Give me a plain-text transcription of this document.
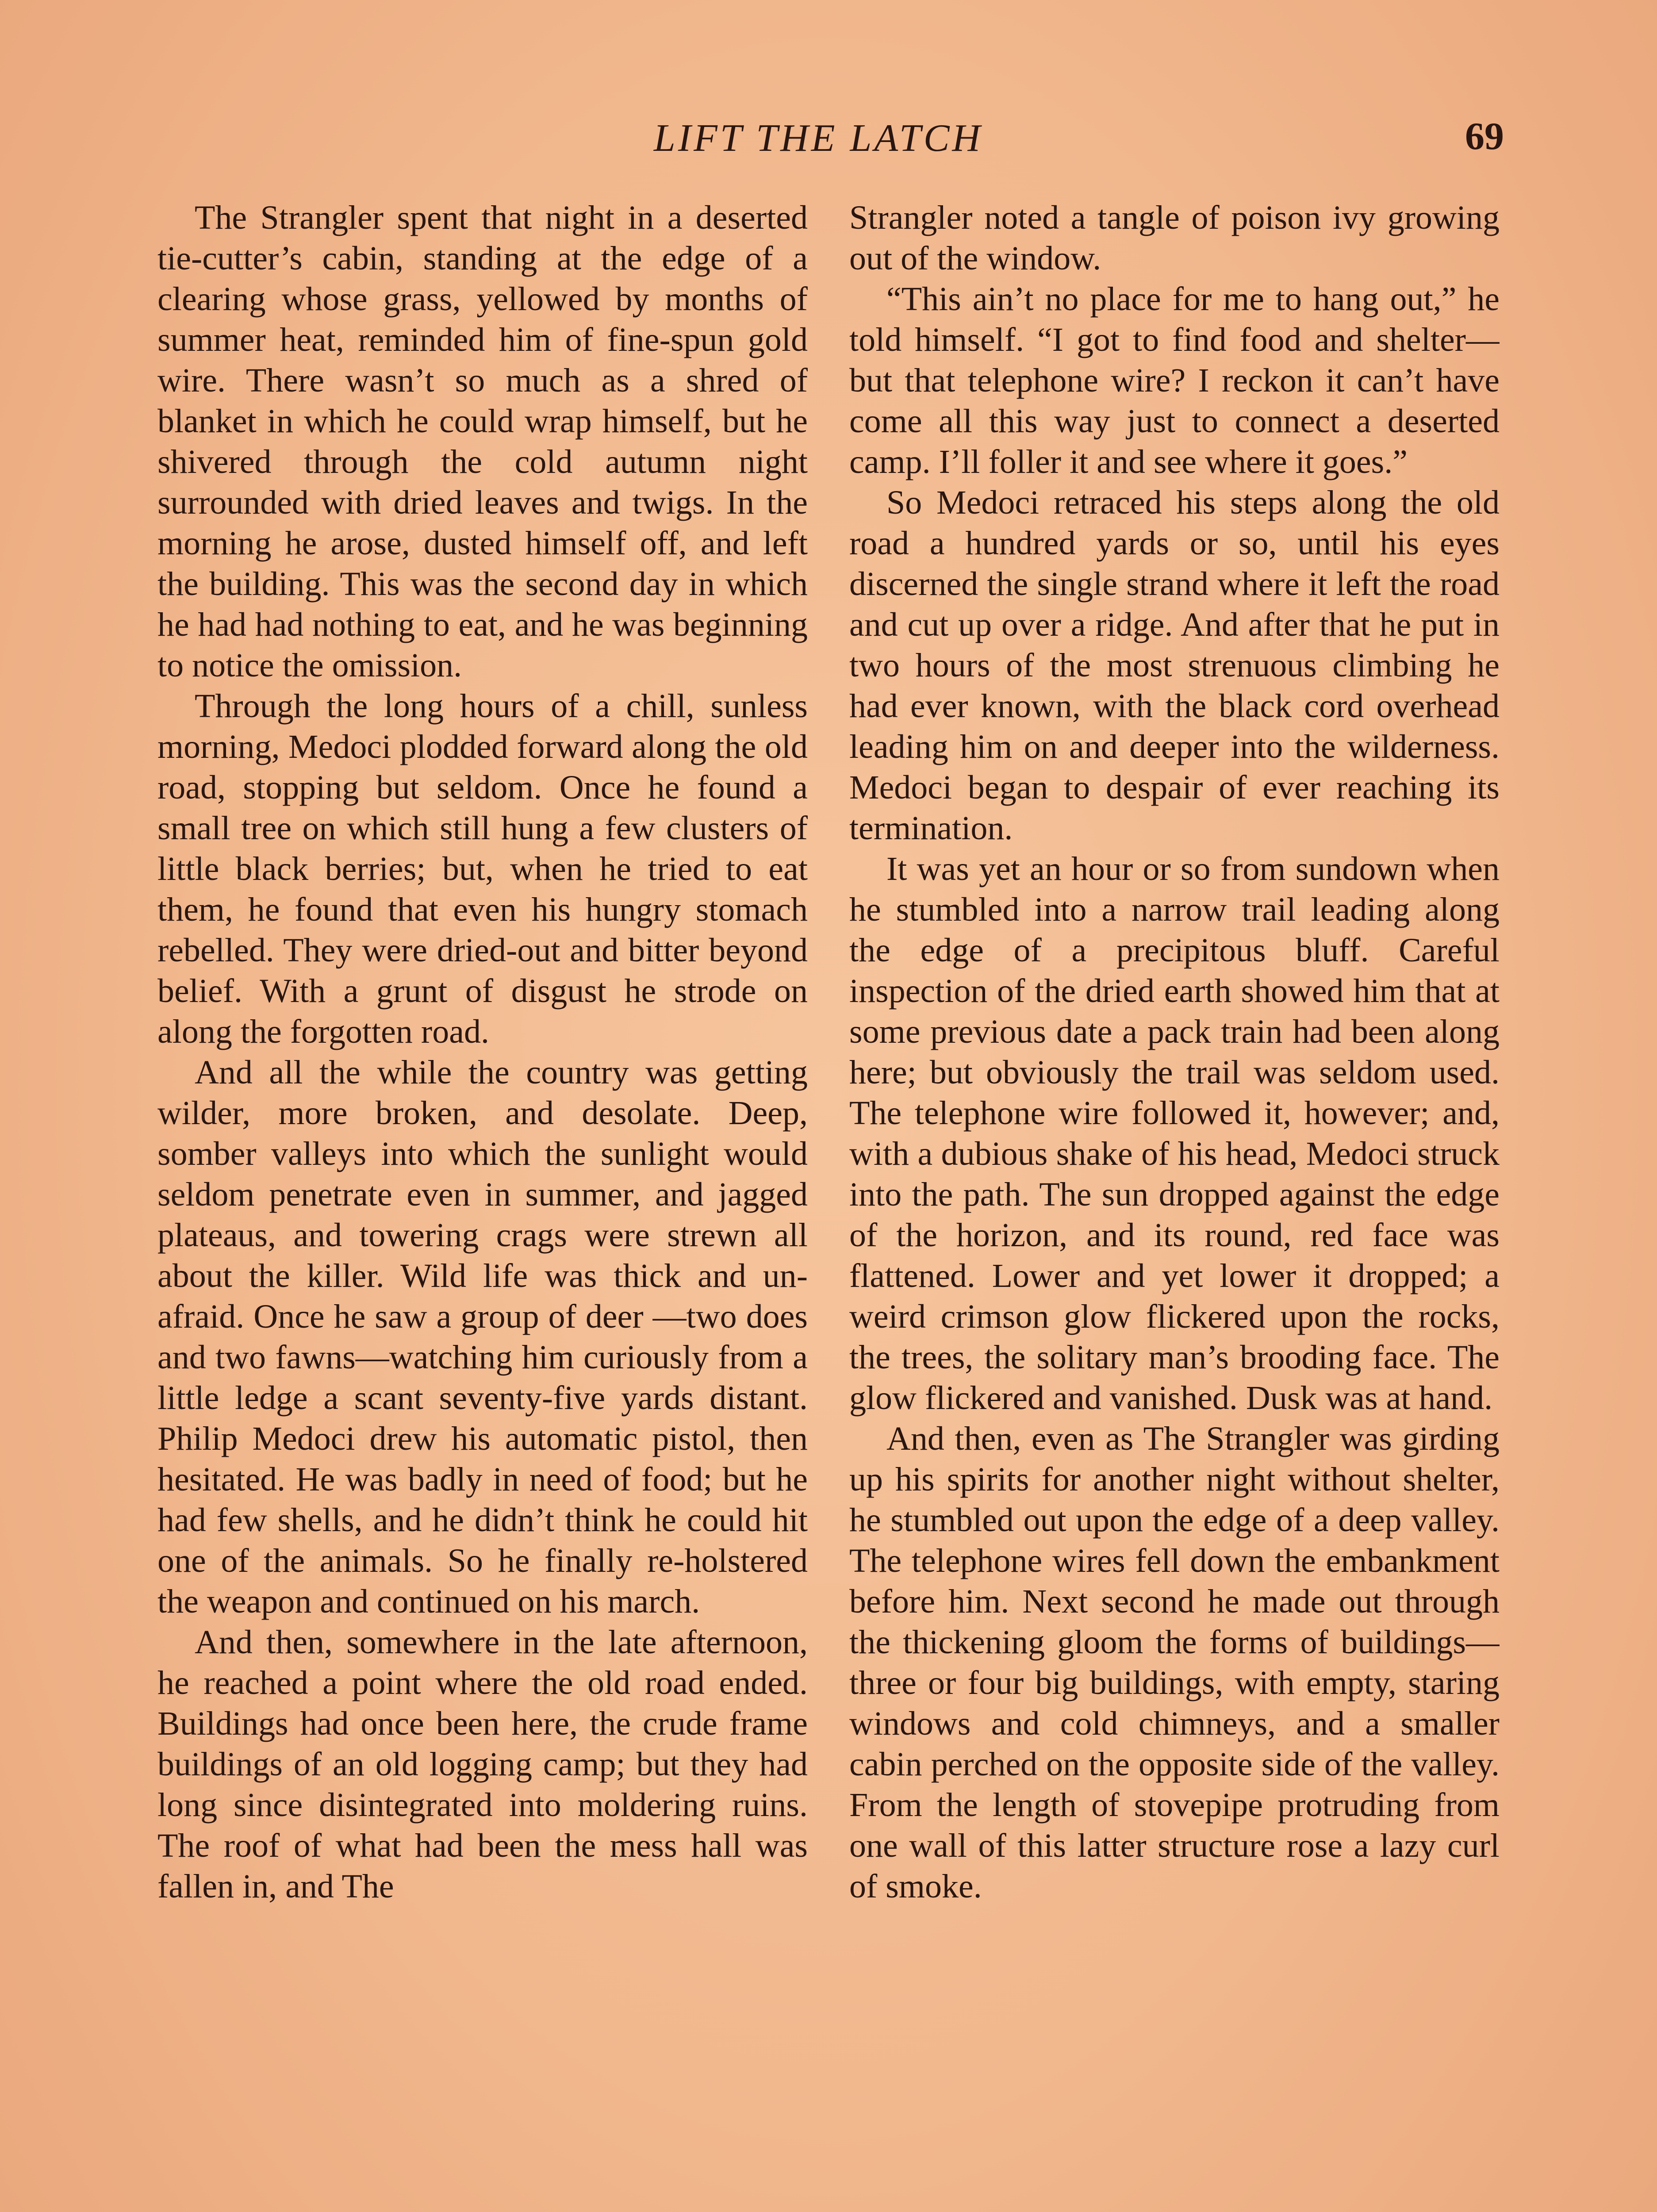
LIFT THE LATCH	69

The Strangler spent that night in a deserted tie-cutter’s cabin, standing at the edge of a clearing whose grass, yellowed by months of summer heat, reminded him of fine-spun gold wire. There wasn’t so much as a shred of blanket in which he could wrap himself, but he shivered through the cold autumn night surrounded with dried leaves and twigs. In the morning he arose, dusted himself off, and left the building. This was the second day in which he had had nothing to eat, and he was beginning to notice the omission.

Through the long hours of a chill, sunless morning, Medoci plodded forward along the old road, stopping but seldom. Once he found a small tree on which still hung a few clusters of little black berries; but, when he tried to eat them, he found that even his hungry stomach rebelled. They were dried-out and bitter beyond belief. With a grunt of disgust he strode on along the forgotten road.

And all the while the country was getting wilder, more broken, and desolate. Deep, somber valleys into which the sunlight would seldom penetrate even in summer, and jagged plateaus, and towering crags were strewn all about the killer. Wild life was thick and unafraid. Once he saw a group of deer —two does and two fawns—watching him curiously from a little ledge a scant seventy-five yards distant. Philip Medoci drew his automatic pistol, then hesitated. He was badly in need of food; but he had few shells, and he didn’t think he could hit one of the animals. So he finally re-holstered the weapon and continued on his march.

And then, somewhere in the late afternoon, he reached a point where the old road ended. Buildings had once been here, the crude frame buildings of an old logging camp; but they had long since disintegrated into moldering ruins. The roof of what had been the mess hall was fallen in, and The

Strangler noted a tangle of poison ivy growing out of the window.

“This ain’t no place for me to hang out,” he told himself. “I got to find food and shelter—but that telephone wire? I reckon it can’t have come all this way just to connect a deserted camp. I’ll foller it and see where it goes.”

So Medoci retraced his steps along the old road a hundred yards or so, until his eyes discerned the single strand where it left the road and cut up over a ridge. And after that he put in two hours of the most strenuous climbing he had ever known, with the black cord overhead leading him on and deeper into the wilderness. Medoci began to despair of ever reaching its termination.

It was yet an hour or so from sundown when he stumbled into a narrow trail leading along the edge of a precipitous bluff. Careful inspection of the dried earth showed him that at some previous date a pack train had been along here; but obviously the trail was seldom used. The telephone wire followed it, however; and, with a dubious shake of his head, Medoci struck into the path. The sun dropped against the edge of the horizon, and its round, red face was flattened. Lower and yet lower it dropped; a weird crimson glow flickered upon the rocks, the trees, the solitary man’s brooding face. The glow flickered and vanished. Dusk was at hand.

And then, even as The Strangler was girding up his spirits for another night without shelter, he stumbled out upon the edge of a deep valley. The telephone wires fell down the embankment before him. Next second he made out through the thickening gloom the forms of buildings—three or four big buildings, with empty, staring windows and cold chimneys, and a smaller cabin perched on the opposite side of the valley. From the length of stovepipe protruding from one wall of this latter structure rose a lazy curl of smoke.
